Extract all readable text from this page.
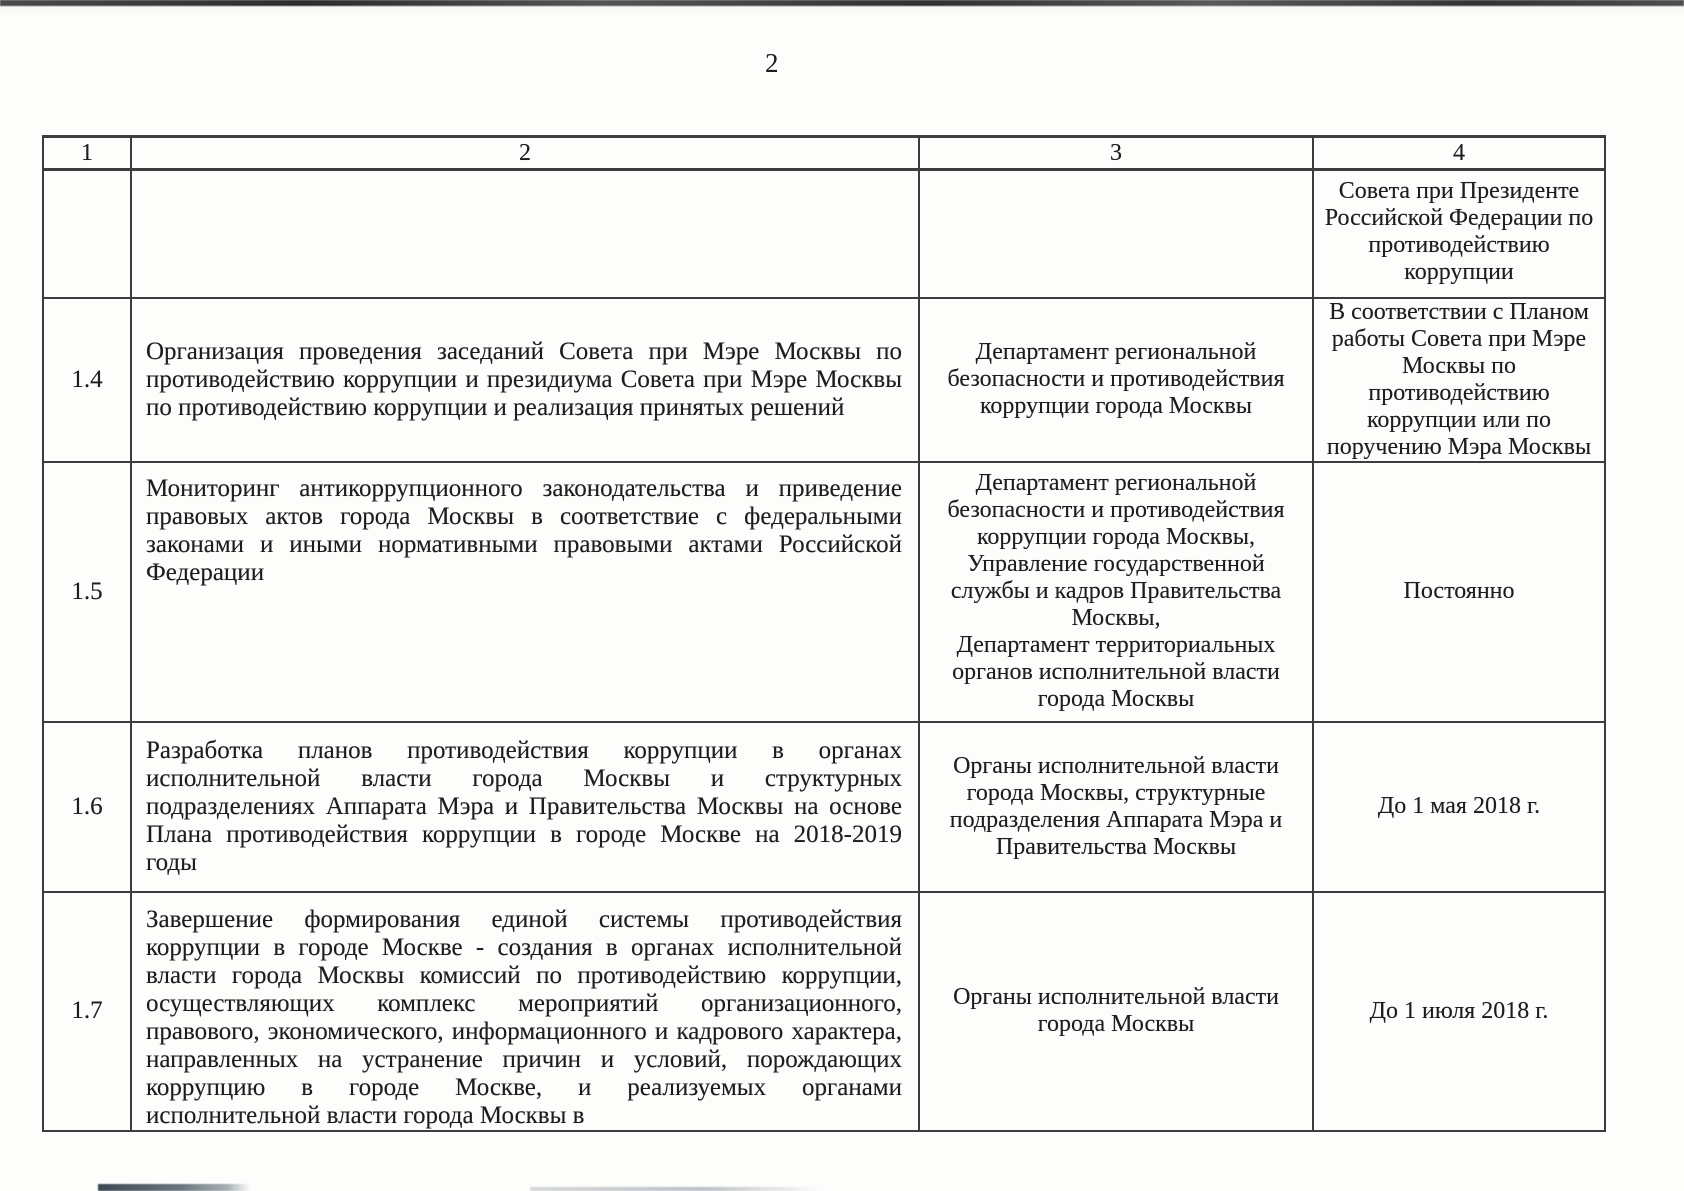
2
1	2	3	4
			Совета при Президенте Российской Федерации по противодействию коррупции
1.4	Организация проведения заседаний Совета при Мэре Москвы по противодействию коррупции и президиума Совета при Мэре Москвы по противодействию коррупции и реализация принятых решений	Департамент региональной безопасности и противодействия коррупции города Москвы	В соответствии с Планом работы Совета при Мэре Москвы по противодействию коррупции или по поручению Мэра Москвы
1.5	Мониторинг антикоррупционного законодательства и приведение правовых актов города Москвы в соответствие с федеральными законами и иными нормативными правовыми актами Российской Федерации	Департамент региональной безопасности и противодействия коррупции города Москвы,
Управление государственной службы и кадров Правительства Москвы,
Департамент территориальных органов исполнительной власти города Москвы	Постоянно
1.6	Разработка планов противодействия коррупции в органах исполнительной власти города Москвы и структурных подразделениях Аппарата Мэра и Правительства Москвы на основе Плана противодействия коррупции в городе Москве на 2018-2019 годы	Органы исполнительной власти города Москвы, структурные подразделения Аппарата Мэра и Правительства Москвы	До 1 мая 2018 г.
1.7	Завершение формирования единой системы противодействия коррупции в городе Москве - создания в органах исполнительной власти города Москвы комиссий по противодействию коррупции, осуществляющих комплекс мероприятий организационного, правового, экономического, информационного и кадрового характера, направленных на устранение причин и условий, порождающих коррупцию в городе Москве, и реализуемых органами исполнительной власти города Москвы в	Органы исполнительной власти города Москвы	До 1 июля 2018 г.
